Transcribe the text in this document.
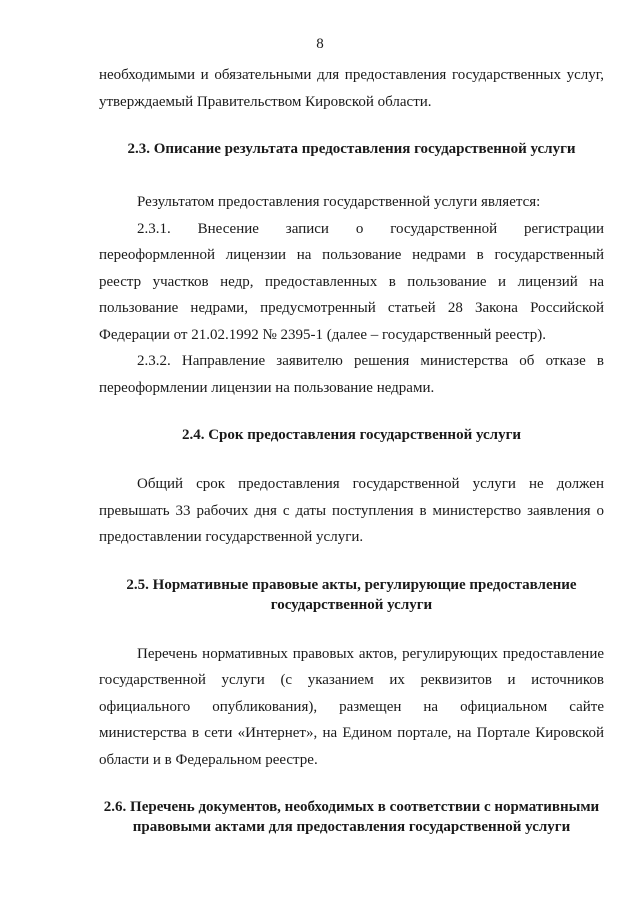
8

необходимыми и обязательными для предоставления государственных услуг, утверждаемый Правительством Кировской области.

2.3. Описание результата предоставления государственной услуги

Результатом предоставления государственной услуги является:

2.3.1. Внесение записи о государственной регистрации переоформленной лицензии на пользование недрами в государственный реестр участков недр, предоставленных в пользование и лицензий на пользование недрами, предусмотренный статьей 28 Закона Российской Федерации от 21.02.1992 № 2395-1 (далее – государственный реестр).

2.3.2. Направление заявителю решения министерства об отказе в переоформлении лицензии на пользование недрами.

2.4. Срок предоставления государственной услуги

Общий срок предоставления государственной услуги не должен превышать 33 рабочих дня с даты поступления в министерство заявления о предоставлении государственной услуги.

2.5. Нормативные правовые акты, регулирующие предоставление
государственной услуги

Перечень нормативных правовых актов, регулирующих предоставление государственной услуги (с указанием их реквизитов и источников официального опубликования), размещен на официальном сайте министерства в сети «Интернет», на Едином портале, на Портале Кировской области и в Федеральном реестре.

2.6. Перечень документов, необходимых в соответствии с нормативными
правовыми актами для предоставления государственной услуги
